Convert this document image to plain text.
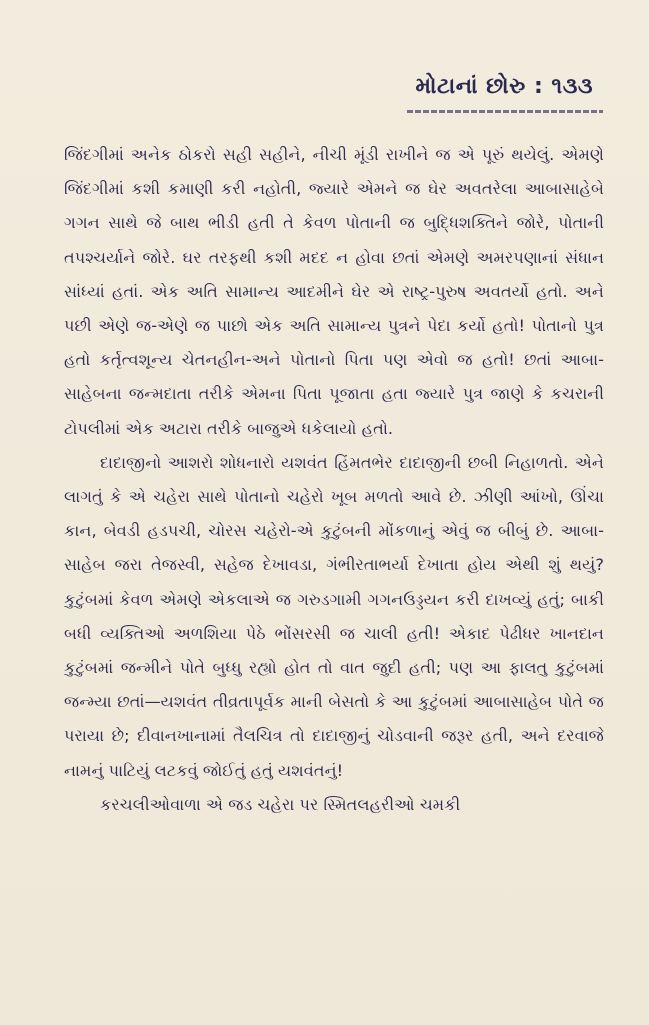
મોટાનાં છોરુ : ૧૩૩

જિંદગીમાં અનેક ઠોકરો સહી સહીને, નીચી મૂંડી રાખીને જ એ પૂરું થયેલું. એમણે જિંદગીમાં કશી કમાણી કરી નહોતી, જ્યારે એમને જ ઘેર અવતરેલા આબાસાહેબે ગગન સાથે જે બાથ ભીડી હતી તે કેવળ પોતાની જ બુદ્ધિશક્તિને જોરે, પોતાની તપશ્ચર્યાને જોરે. ઘર તરફથી કશી મદદ ન હોવા છતાં એમણે અમરપણાનાં સંધાન સાંધ્યાં હતાં. એક અતિ સામાન્ય આદમીને ઘેર એ રાષ્ટ્ર-પુરુષ અવતર્યો હતો. અને પછી એણે જ-એણે જ પાછો એક અતિ સામાન્ય પુત્રને પેદા કર્યો હતો! પોતાનો પુત્ર હતો કર્તૃત્વશૂન્ય ચેતનહીન-અને પોતાનો પિતા પણ એવો જ હતો! છતાં આબા-સાહેબના જન્મદાતા તરીકે એમના પિતા પૂજાતા હતા જ્યારે પુત્ર જાણે કે કચરાની ટોપલીમાં એક અટારા તરીકે બાજુએ ધકેલાયો હતો.

દાદાજીનો આશરો શોધનારો યશવંત હિંમતભેર દાદાજીની છબી નિહાળતો. એને લાગતું કે એ ચહેરા સાથે પોતાનો ચહેરો ખૂબ મળતો આવે છે. ઝીણી આંખો, ઊંચા કાન, બેવડી હડપચી, ચોરસ ચહેરો-એ કુટુંબની મોંકળાનું એવું જ બીબું છે. આબા-સાહેબ જરા તેજસ્વી, સહેજ દેખાવડા, ગંભીરતાભર્યા દેખાતા હોય એથી શું થયું? કુટુંબમાં કેવળ એમણે એકલાએ જ ગરુડગામી ગગનઉડ્ડયન કરી દાખવ્યું હતું; બાકી બધી વ્યક્તિઓ અળશિયા પેઠે ભોંસરસી જ ચાલી હતી! એકાદ પેઢીધર ખાનદાન કુટુંબમાં જન્મીને પોતે બુધ્ધુ રહ્યો હોત તો વાત જુદી હતી; પણ આ ફાલતુ કુટુંબમાં જન્મ્યા છતાં—યશવંત તીવ્રતાપૂર્વક માની બેસતો કે આ કુટુંબમાં આબાસાહેબ પોતે જ પરાયા છે; દીવાનખાનામાં તૈલચિત્ર તો દાદાજીનું ચોડવાની જરૂર હતી, અને દરવાજે નામનું પાટિયું લટકવું જોઈતું હતું યશવંતનું!

કરચલીઓવાળા એ જડ ચહેરા પર સ્મિતલહરીઓ ચમકી
